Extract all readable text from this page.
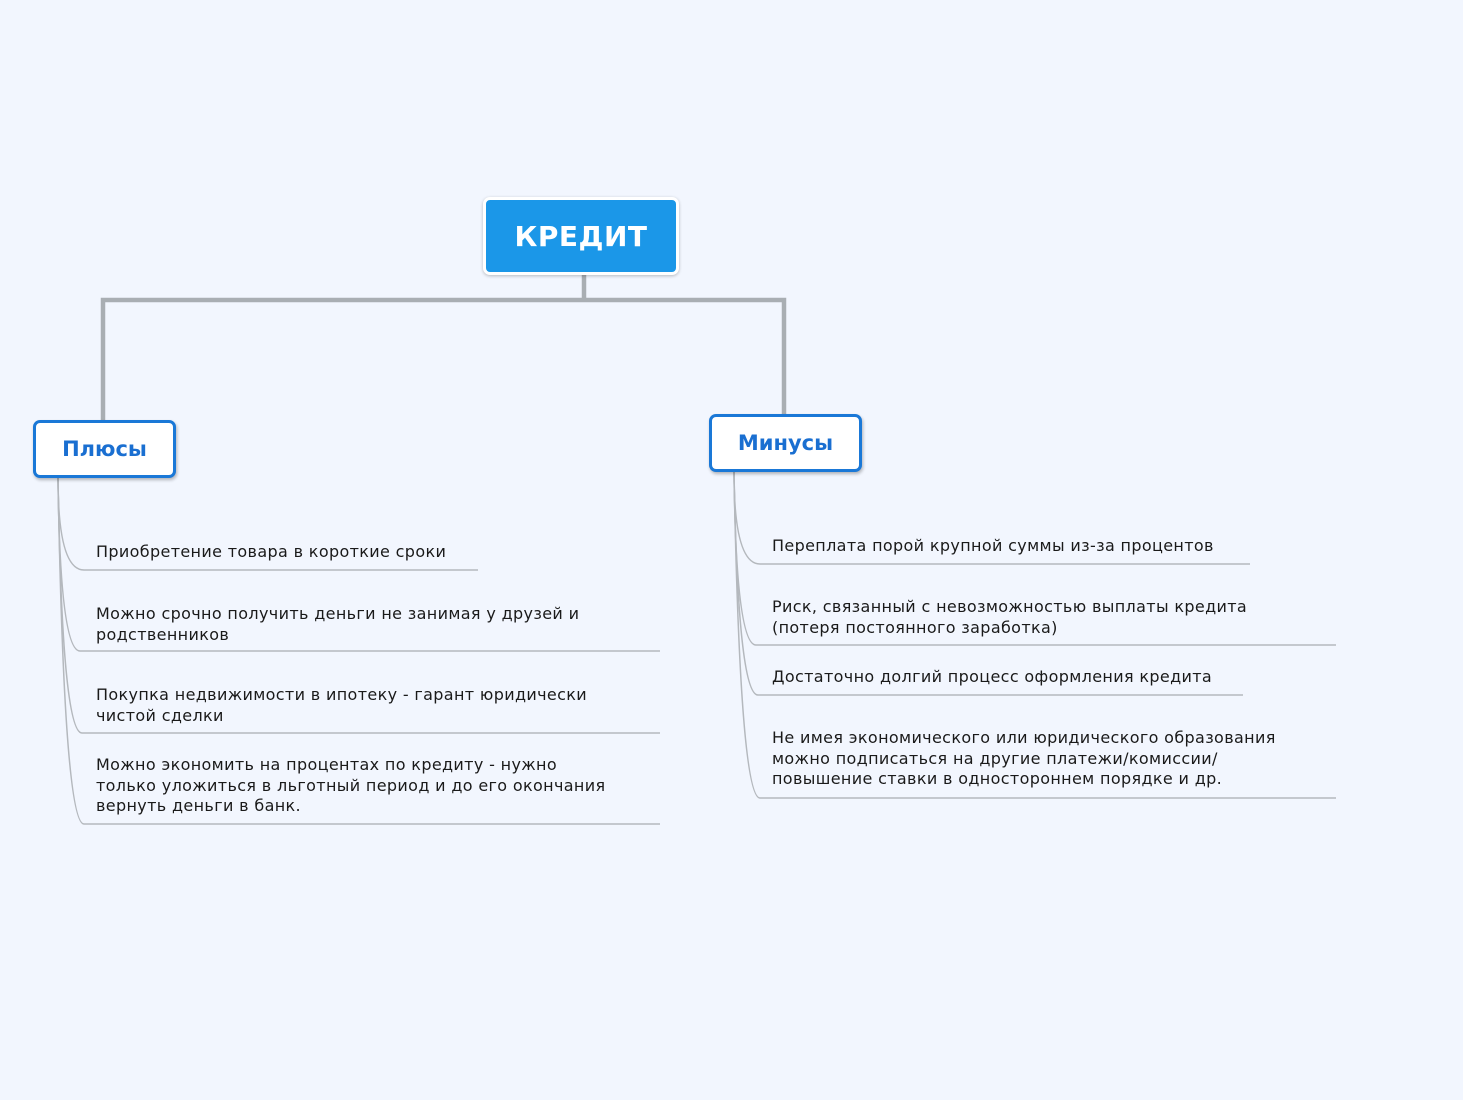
КРЕДИТ
Плюсы	Минусы
Приобретение товара в короткие сроки
Можно срочно получить деньги не занимая у друзей и
родственников
Покупка недвижимости в ипотеку - гарант юридически
чистой сделки
Можно экономить на процентах по кредиту - нужно
только уложиться в льготный период и до его окончания
вернуть деньги в банк.
Переплата порой крупной суммы из-за процентов
Риск, связанный с невозможностью выплаты кредита
(потеря постоянного заработка)
Достаточно долгий процесс оформления кредита
Не имея экономического или юридического образования
можно подписаться на другие платежи/комиссии/
повышение ставки в одностороннем порядке и др.
